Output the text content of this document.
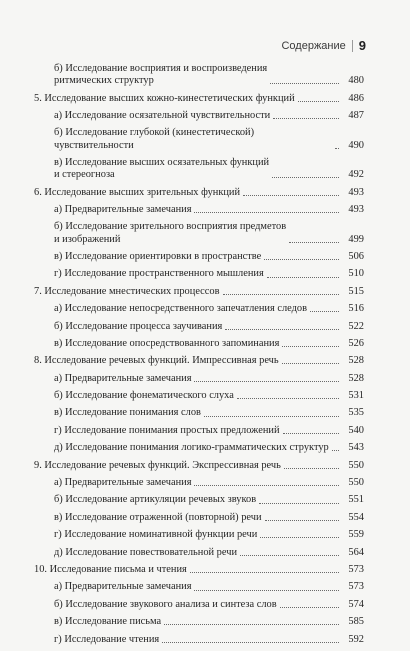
Содержание 9
б) Исследование восприятия и воспроизведения
ритмических структур	480
5. Исследование высших кожно-кинестетических функций	486
а) Исследование осязательной чувствительности	487
б) Исследование глубокой (кинестетической) чувствительности	490
в) Исследование высших осязательных функций
и стереогноза	492
6. Исследование высших зрительных функций	493
а) Предварительные замечания	493
б) Исследование зрительного восприятия предметов
и изображений	499
в) Исследование ориентировки в пространстве	506
г) Исследование пространственного мышления	510
7. Исследование мнестических процессов	515
а) Исследование непосредственного запечатления следов	516
б) Исследование процесса заучивания	522
в) Исследование опосредствованного запоминания	526
8. Исследование речевых функций. Импрессивная речь	528
а) Предварительные замечания	528
б) Исследование фонематического слуха	531
в) Исследование понимания слов	535
г) Исследование понимания простых предложений	540
д) Исследование понимания логико-грамматических структур	543
9. Исследование речевых функций. Экспрессивная речь	550
а) Предварительные замечания	550
б) Исследование артикуляции речевых звуков	551
в) Исследование отраженной (повторной) речи	554
г) Исследование номинативной функции речи	559
д) Исследование повествовательной речи	564
10. Исследование письма и чтения	573
а) Предварительные замечания	573
б) Исследование звукового анализа и синтеза слов	574
в) Исследование письма	585
г) Исследование чтения	592
